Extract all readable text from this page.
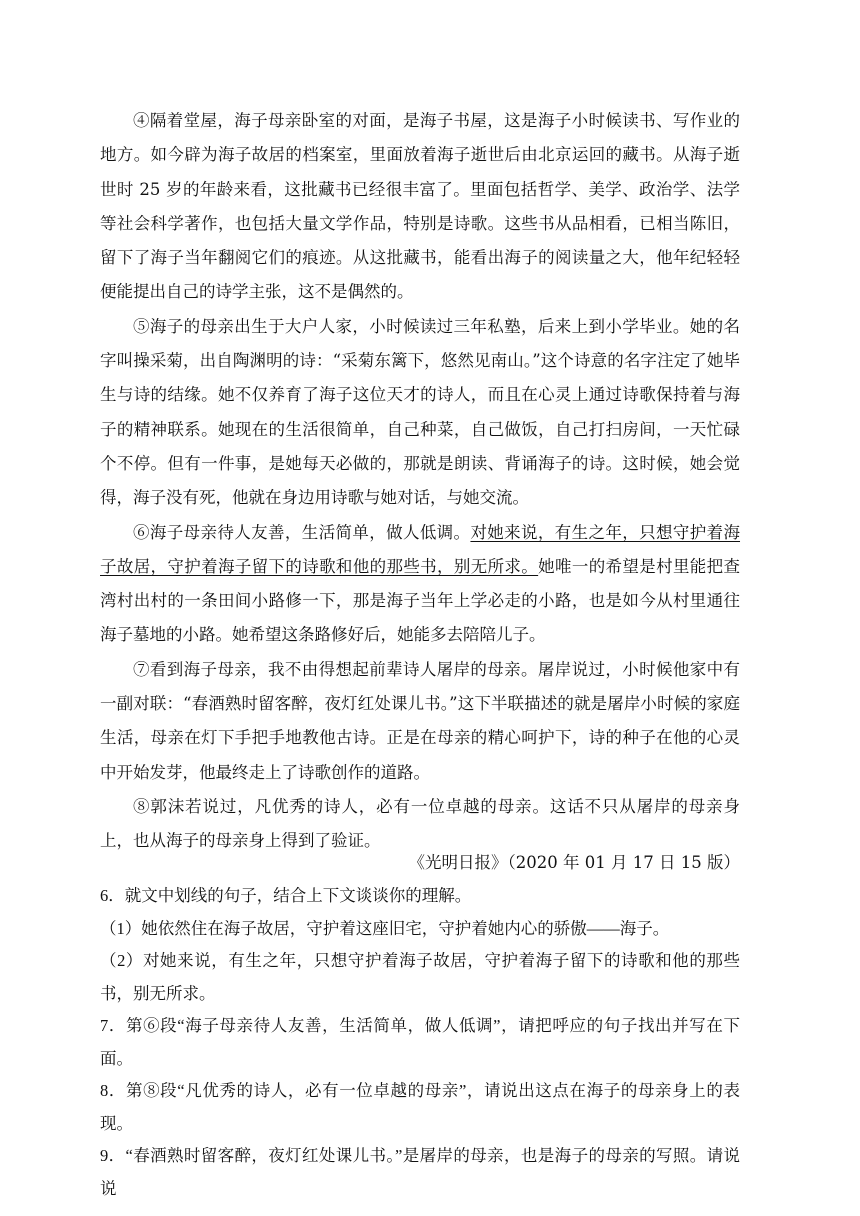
④隔着堂屋，海子母亲卧室的对面，是海子书屋，这是海子小时候读书、写作业的地方。如今辟为海子故居的档案室，里面放着海子逝世后由北京运回的藏书。从海子逝世时 25 岁的年龄来看，这批藏书已经很丰富了。里面包括哲学、美学、政治学、法学等社会科学著作，也包括大量文学作品，特别是诗歌。这些书从品相看，已相当陈旧，留下了海子当年翻阅它们的痕迹。从这批藏书，能看出海子的阅读量之大，他年纪轻轻便能提出自己的诗学主张，这不是偶然的。

⑤海子的母亲出生于大户人家，小时候读过三年私塾，后来上到小学毕业。她的名字叫操采菊，出自陶渊明的诗：“采菊东篱下，悠然见南山。”这个诗意的名字注定了她毕生与诗的结缘。她不仅养育了海子这位天才的诗人，而且在心灵上通过诗歌保持着与海子的精神联系。她现在的生活很简单，自己种菜，自己做饭，自己打扫房间，一天忙碌个不停。但有一件事，是她每天必做的，那就是朗读、背诵海子的诗。这时候，她会觉得，海子没有死，他就在身边用诗歌与她对话，与她交流。

⑥海子母亲待人友善，生活简单，做人低调。对她来说，有生之年，只想守护着海子故居，守护着海子留下的诗歌和他的那些书，别无所求。她唯一的希望是村里能把查湾村出村的一条田间小路修一下，那是海子当年上学必走的小路，也是如今从村里通往海子墓地的小路。她希望这条路修好后，她能多去陪陪儿子。

⑦看到海子母亲，我不由得想起前辈诗人屠岸的母亲。屠岸说过，小时候他家中有一副对联：“春酒熟时留客醉，夜灯红处课儿书。”这下半联描述的就是屠岸小时候的家庭生活，母亲在灯下手把手地教他古诗。正是在母亲的精心呵护下，诗的种子在他的心灵中开始发芽，他最终走上了诗歌创作的道路。

⑧郭沫若说过，凡优秀的诗人，必有一位卓越的母亲。这话不只从屠岸的母亲身上，也从海子的母亲身上得到了验证。

《光明日报》（2020 年 01 月 17 日 15 版）

6．就文中划线的句子，结合上下文谈谈你的理解。

（1）她依然住在海子故居，守护着这座旧宅，守护着她内心的骄傲——海子。

（2）对她来说，有生之年，只想守护着海子故居，守护着海子留下的诗歌和他的那些书，别无所求。

7．第⑥段“海子母亲待人友善，生活简单，做人低调”，请把呼应的句子找出并写在下面。

8．第⑧段“凡优秀的诗人，必有一位卓越的母亲”，请说出这点在海子的母亲身上的表现。

9．“春酒熟时留客醉，夜灯红处课儿书。”是屠岸的母亲，也是海子的母亲的写照。请说说
